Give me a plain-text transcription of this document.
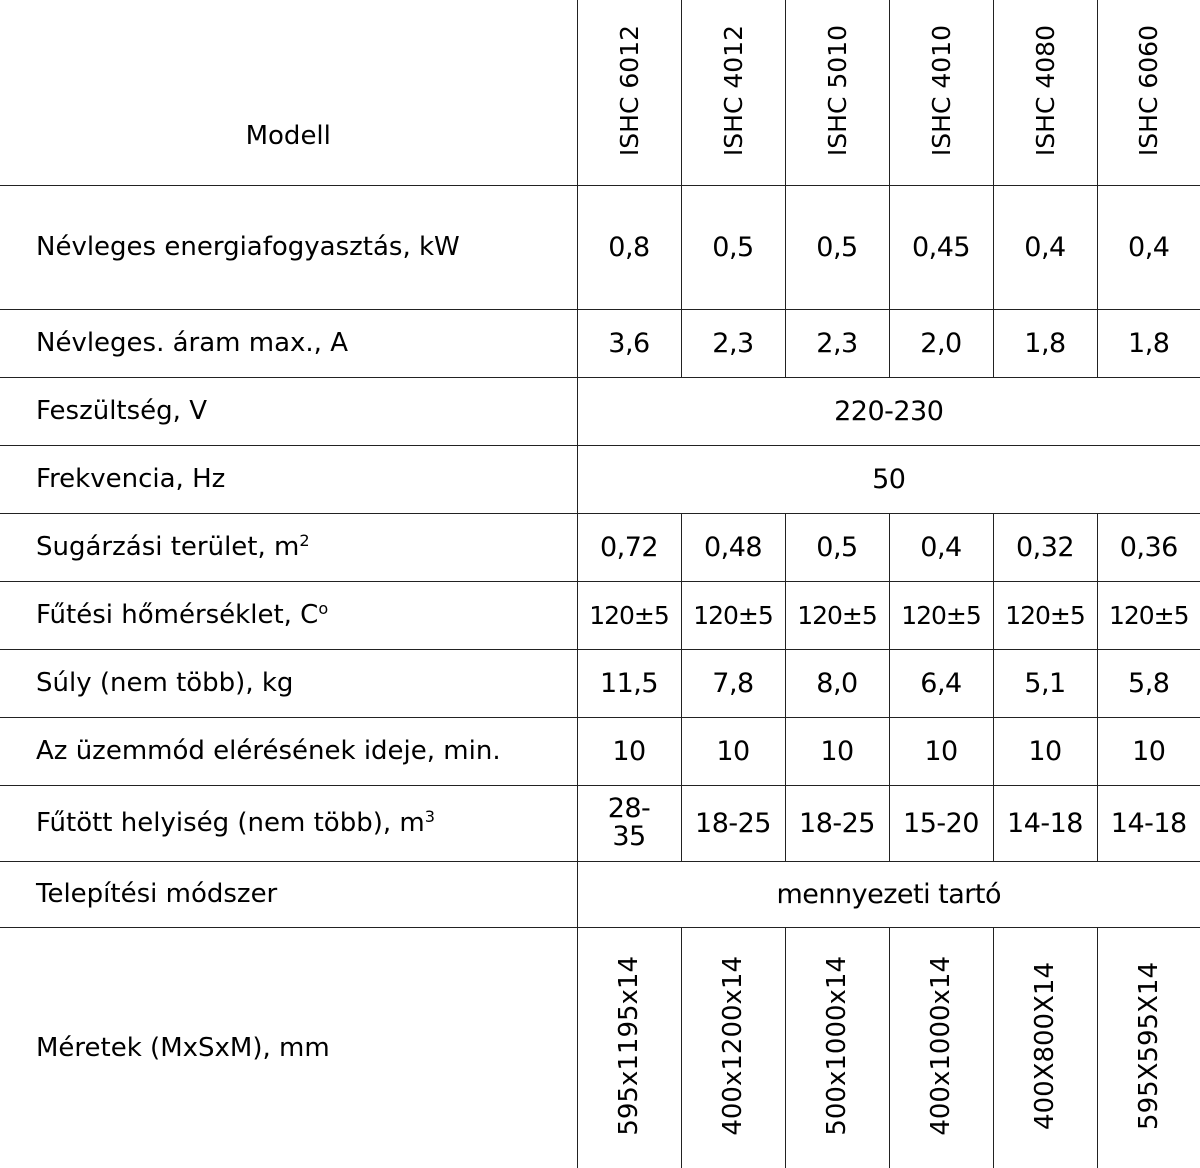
Modell	ISHC 6012	ISHC 4012	ISHC 5010	ISHC 4010	ISHC 4080	ISHC 6060
Névleges energiafogyasztás, kW	0,8	0,5	0,5	0,45	0,4	0,4
Névleges. áram max., A	3,6	2,3	2,3	2,0	1,8	1,8
Feszültség, V	220-230					
Frekvencia, Hz	50					
Sugárzási terület, $m^2$	0,72	0,48	0,5	0,4	0,32	0,36
Fűtési hőmérséklet, $C^o$	120±5	120±5	120±5	120±5	120±5	120±5
Súly (nem több), kg	11,5	7,8	8,0	6,4	5,1	5,8
Az üzemmód elérésének ideje, min.	10	10	10	10	10	10
Fűtött helyiség (nem több), $m^3$	28-35	18-25	18-25	15-20	14-18	14-18
Telepítési módszer	mennyezeti tartó					
Méretek (MxSxM), mm	595x1195x14	400x1200x14	500x1000x14	400x1000x14	400X800X14	595X595X14
